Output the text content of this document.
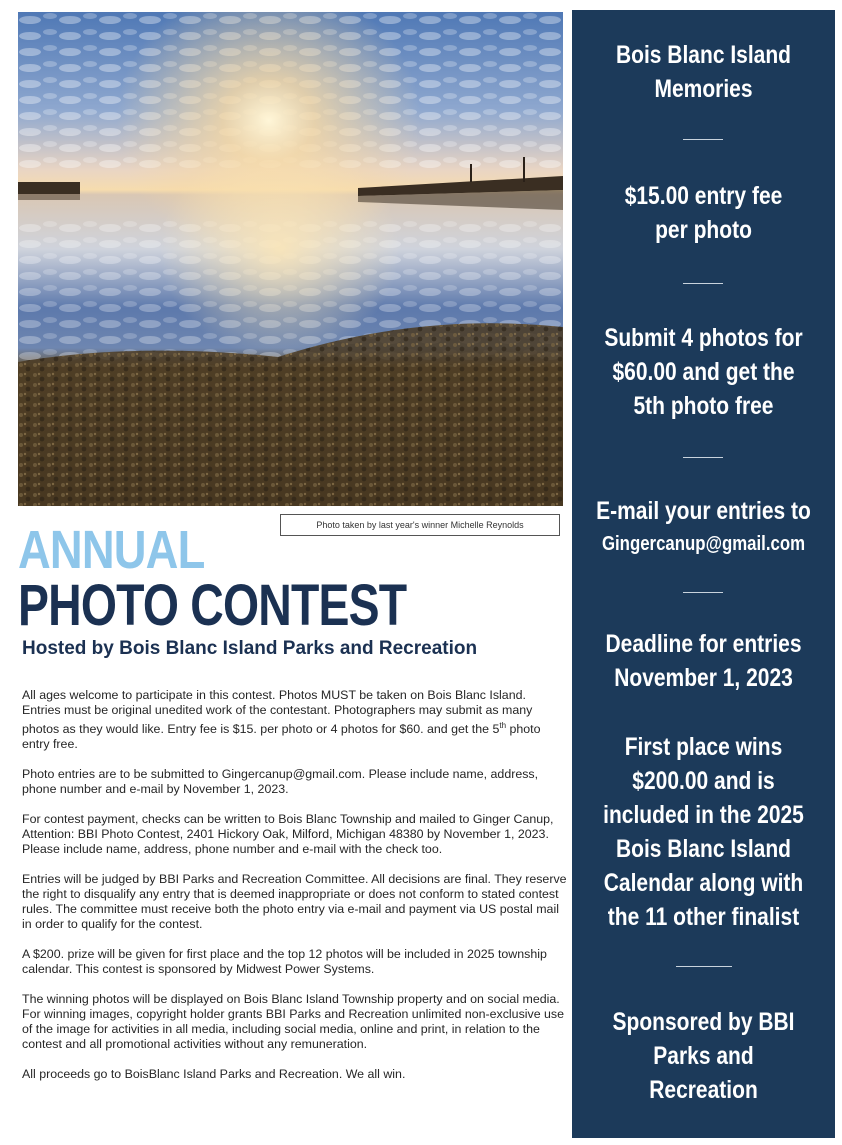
Photo taken by last year's winner Michelle Reynolds
ANNUAL
PHOTO CONTEST
Hosted by Bois Blanc Island Parks and Recreation

All ages welcome to participate in this contest. Photos MUST be taken on Bois Blanc Island. Entries must be original unedited work of the contestant. Photographers may submit as many photos as they would like. Entry fee is $15. per photo or 4 photos for $60. and get the 5th photo entry free.

Photo entries are to be submitted to Gingercanup@gmail.com. Please include name, address, phone number and e-mail by November 1, 2023.

For contest payment, checks can be written to Bois Blanc Township and mailed to Ginger Canup, Attention: BBI Photo Contest, 2401 Hickory Oak, Milford, Michigan 48380 by November 1, 2023. Please include name, address, phone number and e-mail with the check too.

Entries will be judged by BBI Parks and Recreation Committee. All decisions are final. They reserve the right to disqualify any entry that is deemed inappropriate or does not conform to stated contest rules. The committee must receive both the photo entry via e-mail and payment via US postal mail in order to qualify for the contest.

A $200. prize will be given for first place and the top 12 photos will be included in 2025 township calendar. This contest is sponsored by Midwest Power Systems.

The winning photos will be displayed on Bois Blanc Island Township property and on social media. For winning images, copyright holder grants BBI Parks and Recreation unlimited non-exclusive use of the image for activities in all media, including social media, online and print, in relation to the contest and all promotional activities without any remuneration.

All proceeds go to BoisBlanc Island Parks and Recreation. We all win.

Bois Blanc Island
Memories
$15.00 entry fee
per photo
Submit 4 photos for
$60.00 and get the
5th photo free
E-mail your entries to
Gingercanup@gmail.com
Deadline for entries
November 1, 2023
First place wins
$200.00 and is
included in the 2025
Bois Blanc Island
Calendar along with
the 11 other finalist
Sponsored by BBI
Parks and
Recreation
